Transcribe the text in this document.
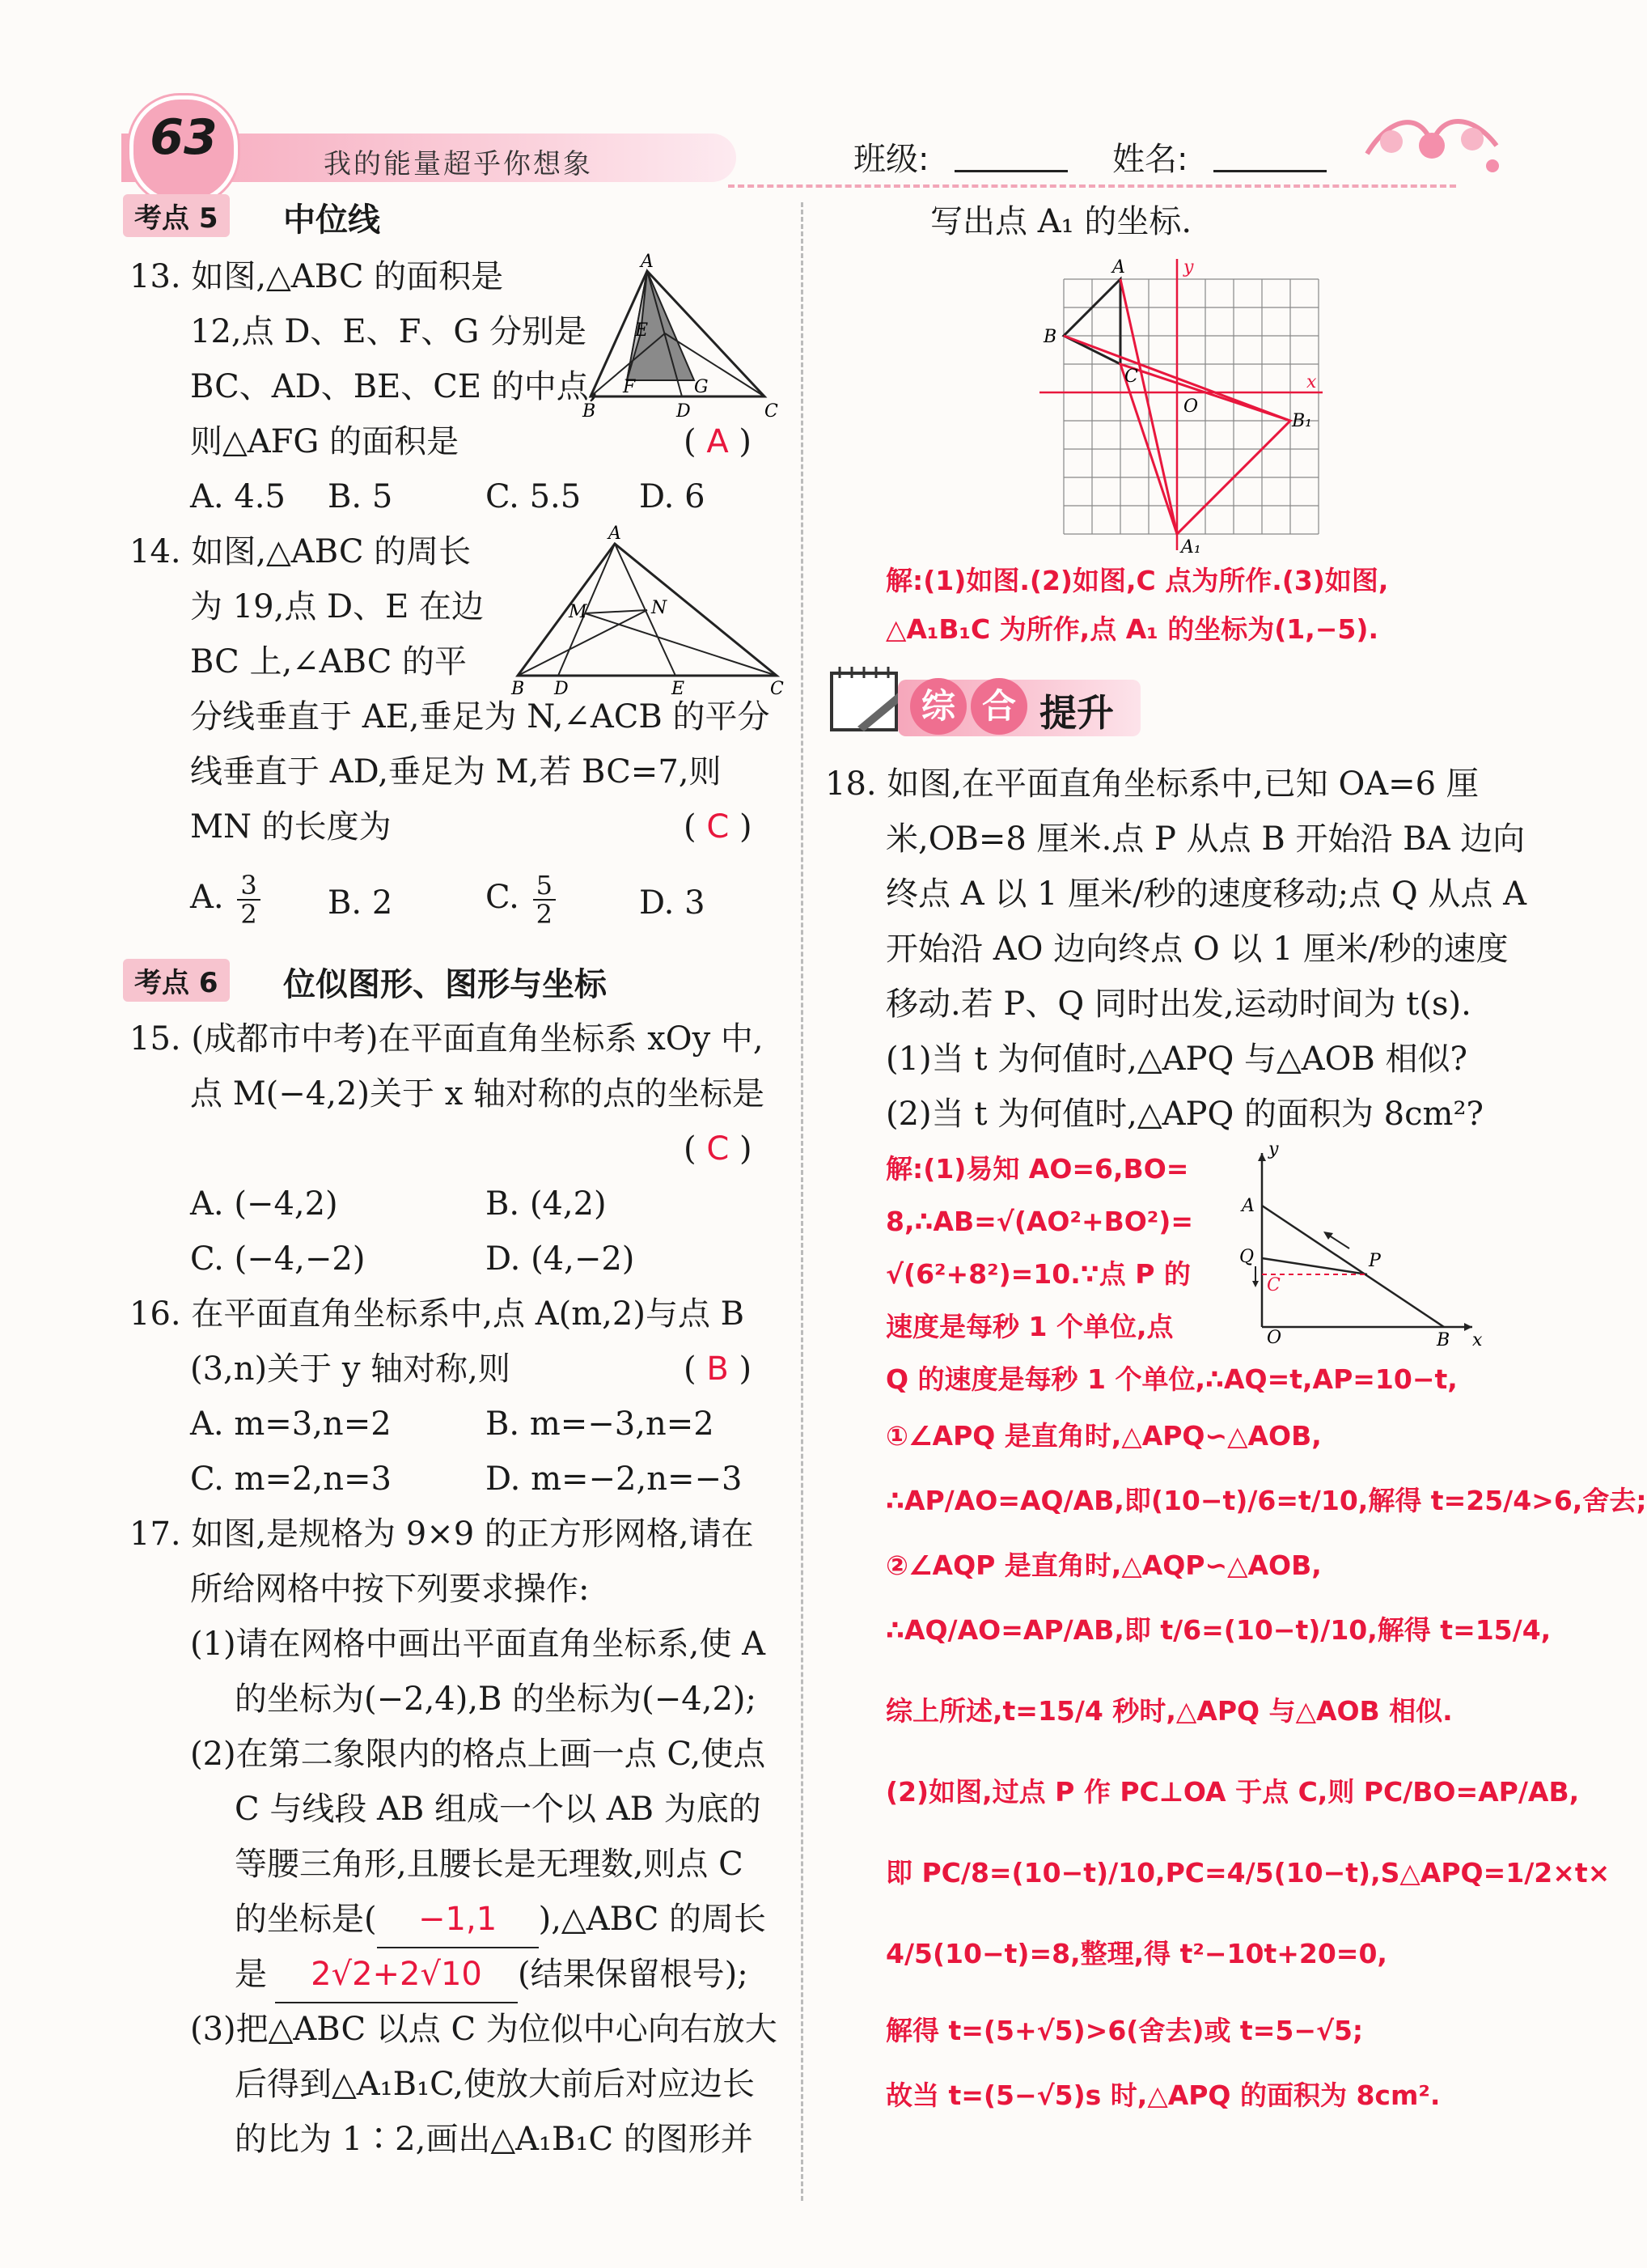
63	我的能量超乎你想象	班级:	姓名:
考点 5	中位线
13. 如图,△ABC 的面积是
12,点 D、E、F、G 分别是
BC、AD、BE、CE 的中点,
则△AFG 的面积是	( A )
A. 4.5 B. 5	C. 5.5 D. 6
A
E
F	G
B	D	C
14. 如图,△ABC 的周长
为 19,点 D、E 在边
BC 上,∠ABC 的平
分线垂直于 AE,垂足为 N,∠ACB 的平分
线垂直于 AD,垂足为 M,若 BC=7,则
MN 的长度为	( C )
A. $\frac{3}{2} B$. 2	C. $\frac{5}{2}$	D. 3
A
M	N
B D	E	C
考点 6	位似图形、图形与坐标
15. (成都市中考)在平面直角坐标系 xOy 中,
点 M(−4,2)关于 x 轴对称的点的坐标是
( C )
A. (−4,2)	B. (4,2)
C. (−4,−2)	D. (4,−2)
16. 在平面直角坐标系中,点 A(m,2)与点 B
(3,n)关于 y 轴对称,则	( B )
A. m=3,n=2	B. m=−3,n=2
C. m=2,n=3	D. m=−2,n=−3
17. 如图,是规格为 9×9 的正方形网格,请在
所给网格中按下列要求操作:
(1)请在网格中画出平面直角坐标系,使 A
的坐标为(−2,4),B 的坐标为(−4,2);
(2)在第二象限内的格点上画一点 C,使点
C 与线段 AB 组成一个以 AB 为底的
等腰三角形,且腰长是无理数,则点 C
的坐标是( −1,1 ),△ABC 的周长
是 2√2+2√10 (结果保留根号);
(3)把△ABC 以点 C 为位似中心向右放大
后得到△A₁B₁C,使放大前后对应边长
的比为 1∶2,画出△A₁B₁C 的图形并
写出点 A₁ 的坐标.
A
B
C
O
x
y
A₁
B₁
解:(1)如图.(2)如图,C 点为所作.(3)如图,
△A₁B₁C 为所作,点 A₁ 的坐标为(1,−5).
综 合 提升
18. 如图,在平面直角坐标系中,已知 OA=6 厘
米,OB=8 厘米.点 P 从点 B 开始沿 BA 边向
终点 A 以 1 厘米/秒的速度移动;点 Q 从点 A
开始沿 AO 边向终点 O 以 1 厘米/秒的速度
移动.若 P、Q 同时出发,运动时间为 t(s).
(1)当 t 为何值时,△APQ 与△AOB 相似?
(2)当 t 为何值时,△APQ 的面积为 8cm²?
解:(1)易知 AO=6,BO=
8,∴AB=√(AO²+BO²)=
√(6²+8²)=10.∵点 P 的
速度是每秒 1 个单位,点
Q 的速度是每秒 1 个单位,∴AQ=t,AP=10−t,
①∠APQ 是直角时,△APQ∽△AOB,
∴AP/AO=AQ/AB,即(10−t)/6=t/10,解得 t=25/4>6,舍去;
②∠AQP 是直角时,△AQP∽△AOB,
∴AQ/AO=AP/AB,即 t/6=(10−t)/10,解得 t=15/4,
综上所述,t=15/4 秒时,△APQ 与△AOB 相似.
(2)如图,过点 P 作 PC⊥OA 于点 C,则 PC/BO=AP/AB,
即 PC/8=(10−t)/10,PC=4/5(10−t),S△APQ=1/2×t×
4/5(10−t)=8,整理,得 t²−10t+20=0,
解得 t=(5+√5)>6(舍去)或 t=5−√5;
故当 t=(5−√5)s 时,△APQ 的面积为 8cm².
y
A
Q
C
P
O	B x
